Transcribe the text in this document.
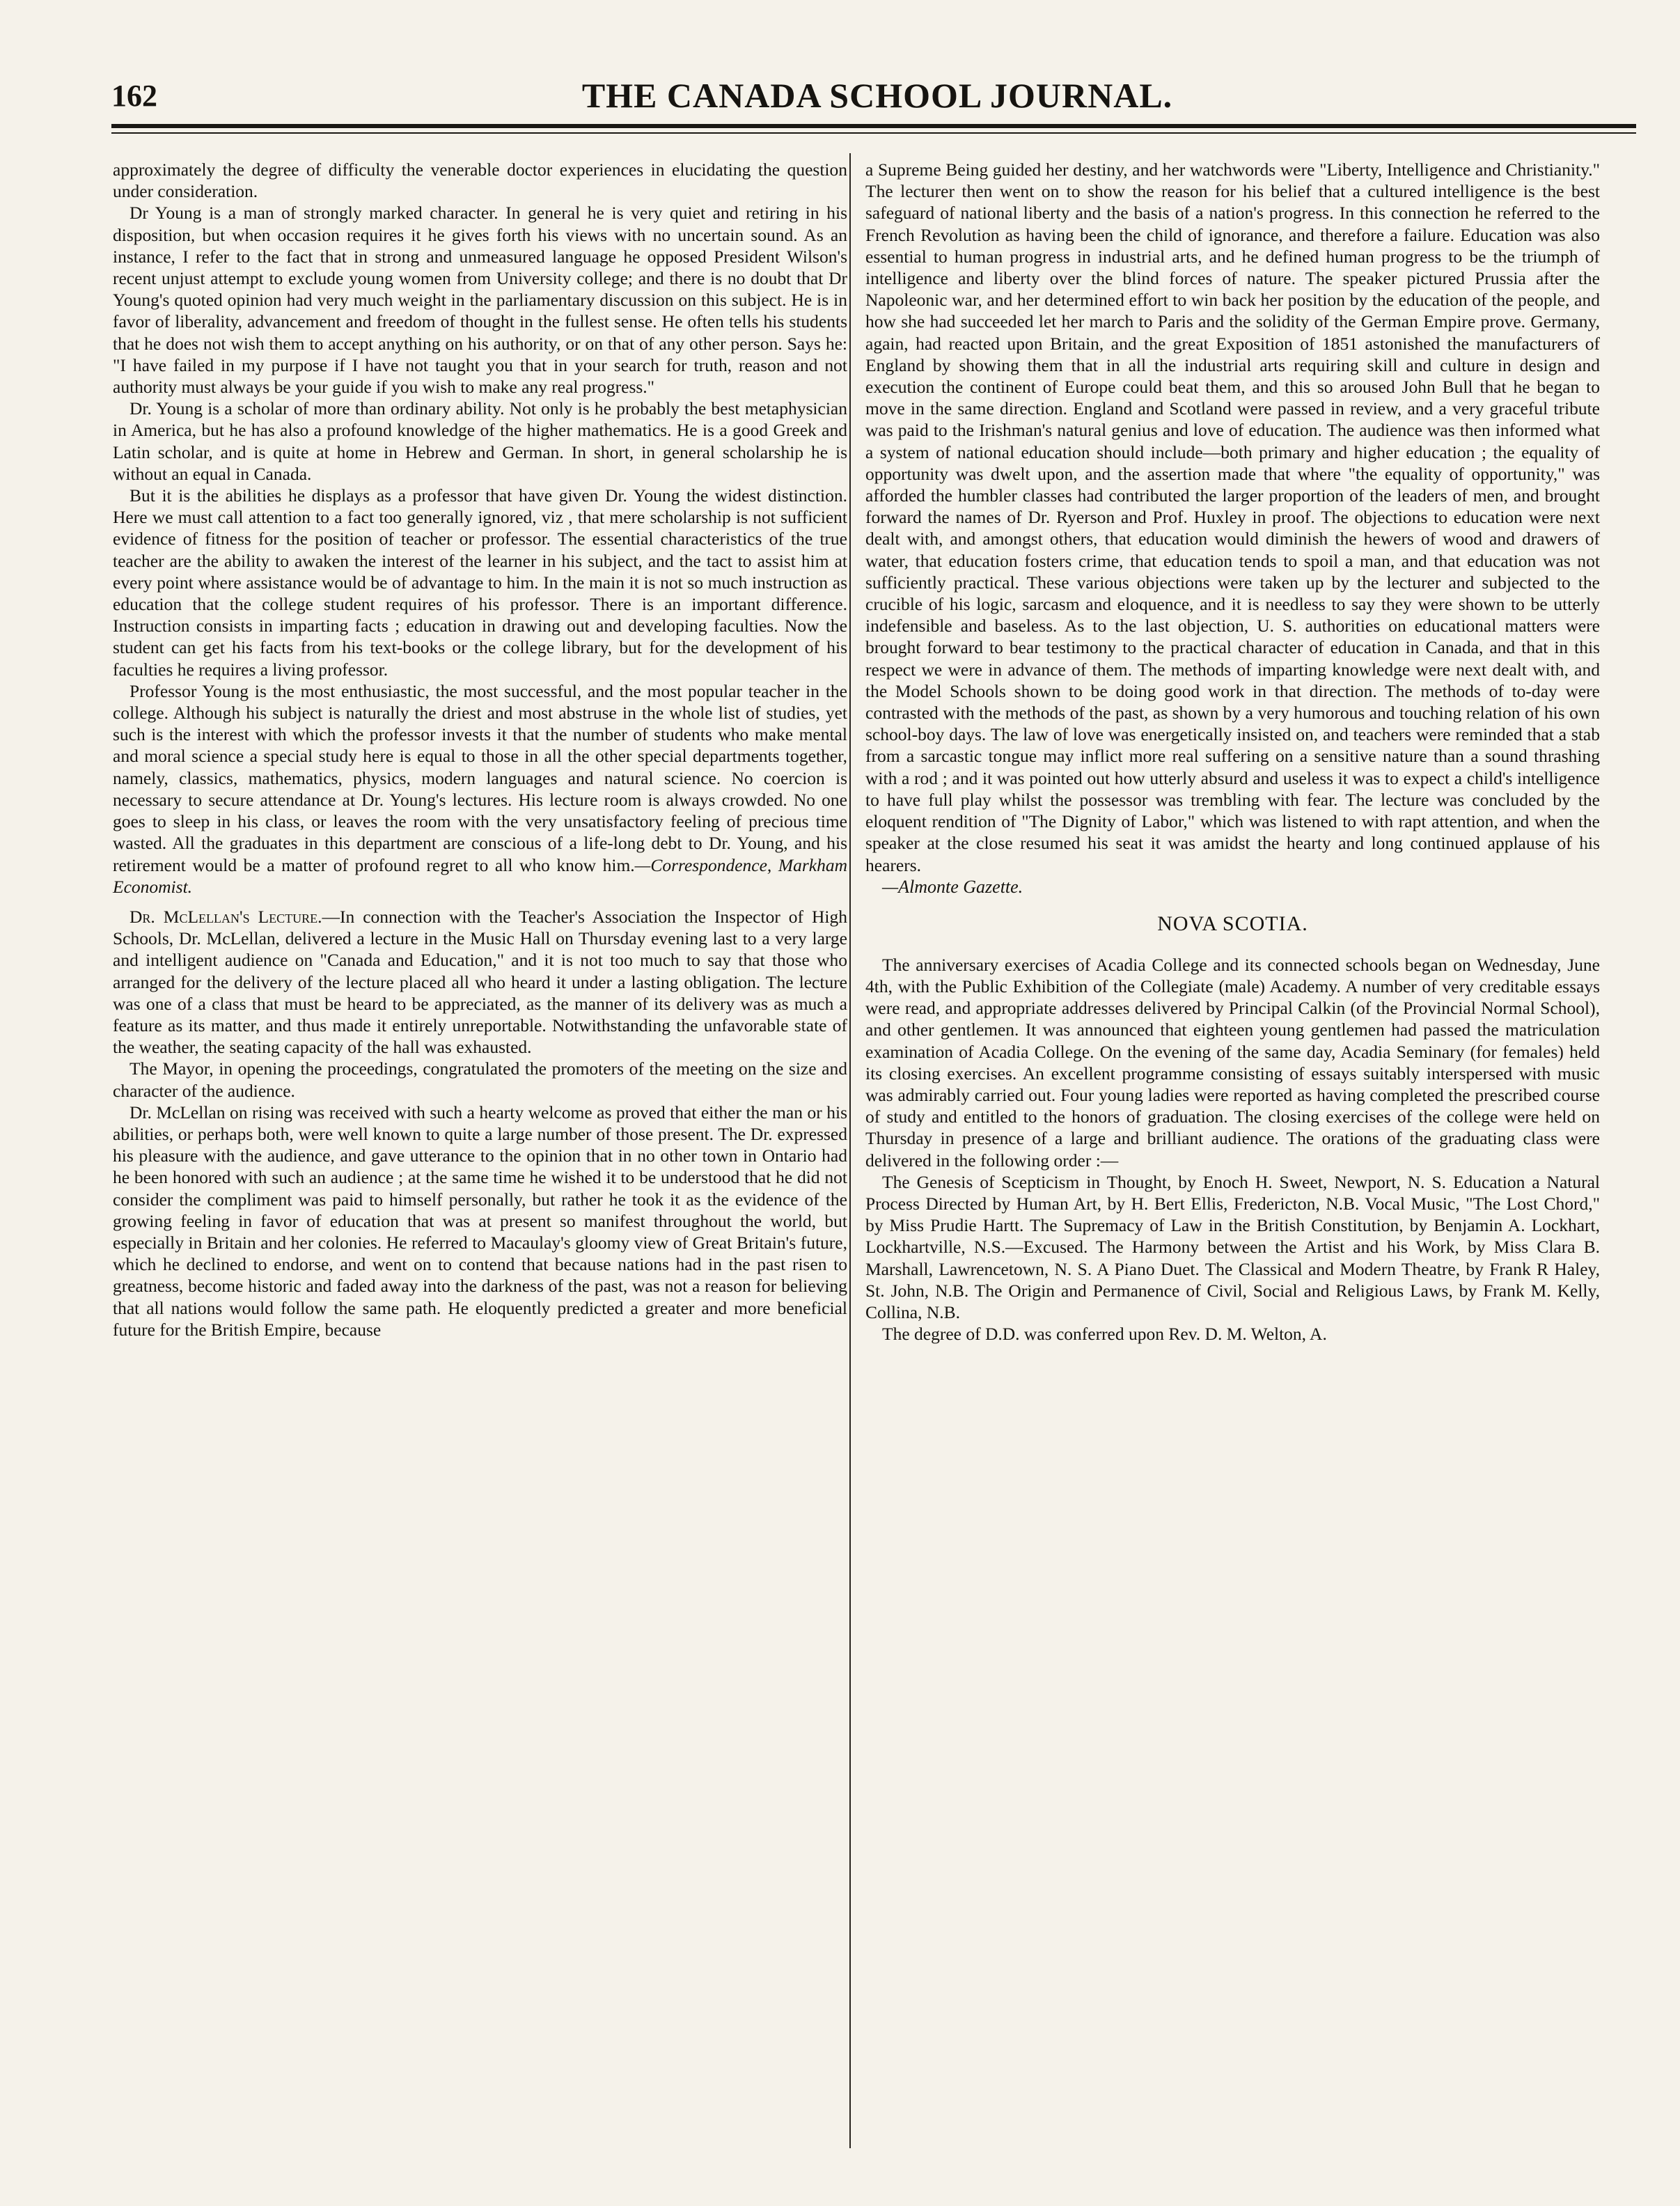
162	THE CANADA SCHOOL JOURNAL.

approximately the degree of difficulty the venerable doctor experiences in elucidating the question under consideration.

Dr Young is a man of strongly marked character. In general he is very quiet and retiring in his disposition, but when occasion requires it he gives forth his views with no uncertain sound. As an instance, I refer to the fact that in strong and unmeasured language he opposed President Wilson's recent unjust attempt to exclude young women from University college; and there is no doubt that Dr Young's quoted opinion had very much weight in the parliamentary discussion on this subject. He is in favor of liberality, advancement and freedom of thought in the fullest sense. He often tells his students that he does not wish them to accept anything on his authority, or on that of any other person. Says he: "I have failed in my purpose if I have not taught you that in your search for truth, reason and not authority must always be your guide if you wish to make any real progress."

Dr. Young is a scholar of more than ordinary ability. Not only is he probably the best metaphysician in America, but he has also a profound knowledge of the higher mathematics. He is a good Greek and Latin scholar, and is quite at home in Hebrew and German. In short, in general scholarship he is without an equal in Canada.

But it is the abilities he displays as a professor that have given Dr. Young the widest distinction. Here we must call attention to a fact too generally ignored, viz , that mere scholarship is not sufficient evidence of fitness for the position of teacher or professor. The essential characteristics of the true teacher are the ability to awaken the interest of the learner in his subject, and the tact to assist him at every point where assistance would be of advantage to him. In the main it is not so much instruction as education that the college student requires of his professor. There is an important difference. Instruction consists in imparting facts ; education in drawing out and developing faculties. Now the student can get his facts from his text-books or the college library, but for the development of his faculties he requires a living professor.

Professor Young is the most enthusiastic, the most successful, and the most popular teacher in the college. Although his subject is naturally the driest and most abstruse in the whole list of studies, yet such is the interest with which the professor invests it that the number of students who make mental and moral science a special study here is equal to those in all the other special departments together, namely, classics, mathematics, physics, modern languages and natural science. No coercion is necessary to secure attendance at Dr. Young's lectures. His lecture room is always crowded. No one goes to sleep in his class, or leaves the room with the very unsatisfactory feeling of precious time wasted. All the graduates in this department are conscious of a life-long debt to Dr. Young, and his retirement would be a matter of profound regret to all who know him.—Correspondence, Markham Economist.

Dr. McLellan's Lecture.—In connection with the Teacher's Association the Inspector of High Schools, Dr. McLellan, delivered a lecture in the Music Hall on Thursday evening last to a very large and intelligent audience on "Canada and Education," and it is not too much to say that those who arranged for the delivery of the lecture placed all who heard it under a lasting obligation. The lecture was one of a class that must be heard to be appreciated, as the manner of its delivery was as much a feature as its matter, and thus made it entirely unreportable. Notwithstanding the unfavorable state of the weather, the seating capacity of the hall was exhausted.

The Mayor, in opening the proceedings, congratulated the promoters of the meeting on the size and character of the audience.

Dr. McLellan on rising was received with such a hearty welcome as proved that either the man or his abilities, or perhaps both, were well known to quite a large number of those present. The Dr. expressed his pleasure with the audience, and gave utterance to the opinion that in no other town in Ontario had he been honored with such an audience ; at the same time he wished it to be understood that he did not consider the compliment was paid to himself personally, but rather he took it as the evidence of the growing feeling in favor of education that was at present so manifest throughout the world, but especially in Britain and her colonies. He referred to Macaulay's gloomy view of Great Britain's future, which he declined to endorse, and went on to contend that because nations had in the past risen to greatness, become historic and faded away into the darkness of the past, was not a reason for believing that all nations would follow the same path. He eloquently predicted a greater and more beneficial future for the British Empire, because

a Supreme Being guided her destiny, and her watchwords were "Liberty, Intelligence and Christianity." The lecturer then went on to show the reason for his belief that a cultured intelligence is the best safeguard of national liberty and the basis of a nation's progress. In this connection he referred to the French Revolution as having been the child of ignorance, and therefore a failure. Education was also essential to human progress in industrial arts, and he defined human progress to be the triumph of intelligence and liberty over the blind forces of nature. The speaker pictured Prussia after the Napoleonic war, and her determined effort to win back her position by the education of the people, and how she had succeeded let her march to Paris and the solidity of the German Empire prove. Germany, again, had reacted upon Britain, and the great Exposition of 1851 astonished the manufacturers of England by showing them that in all the industrial arts requiring skill and culture in design and execution the continent of Europe could beat them, and this so aroused John Bull that he began to move in the same direction. England and Scotland were passed in review, and a very graceful tribute was paid to the Irishman's natural genius and love of education. The audience was then informed what a system of national education should include—both primary and higher education ; the equality of opportunity was dwelt upon, and the assertion made that where "the equality of opportunity," was afforded the humbler classes had contributed the larger proportion of the leaders of men, and brought forward the names of Dr. Ryerson and Prof. Huxley in proof. The objections to education were next dealt with, and amongst others, that education would diminish the hewers of wood and drawers of water, that education fosters crime, that education tends to spoil a man, and that education was not sufficiently practical. These various objections were taken up by the lecturer and subjected to the crucible of his logic, sarcasm and eloquence, and it is needless to say they were shown to be utterly indefensible and baseless. As to the last objection, U. S. authorities on educational matters were brought forward to bear testimony to the practical character of education in Canada, and that in this respect we were in advance of them. The methods of imparting knowledge were next dealt with, and the Model Schools shown to be doing good work in that direction. The methods of to-day were contrasted with the methods of the past, as shown by a very humorous and touching relation of his own school-boy days. The law of love was energetically insisted on, and teachers were reminded that a stab from a sarcastic tongue may inflict more real suffering on a sensitive nature than a sound thrashing with a rod ; and it was pointed out how utterly absurd and useless it was to expect a child's intelligence to have full play whilst the possessor was trembling with fear. The lecture was concluded by the eloquent rendition of "The Dignity of Labor," which was listened to with rapt attention, and when the speaker at the close resumed his seat it was amidst the hearty and long continued applause of his hearers.

—Almonte Gazette.

NOVA SCOTIA.

The anniversary exercises of Acadia College and its connected schools began on Wednesday, June 4th, with the Public Exhibition of the Collegiate (male) Academy. A number of very creditable essays were read, and appropriate addresses delivered by Principal Calkin (of the Provincial Normal School), and other gentlemen. It was announced that eighteen young gentlemen had passed the matriculation examination of Acadia College. On the evening of the same day, Acadia Seminary (for females) held its closing exercises. An excellent programme consisting of essays suitably interspersed with music was admirably carried out. Four young ladies were reported as having completed the prescribed course of study and entitled to the honors of graduation. The closing exercises of the college were held on Thursday in presence of a large and brilliant audience. The orations of the graduating class were delivered in the following order :—

The Genesis of Scepticism in Thought, by Enoch H. Sweet, Newport, N. S. Education a Natural Process Directed by Human Art, by H. Bert Ellis, Fredericton, N.B. Vocal Music, "The Lost Chord," by Miss Prudie Hartt. The Supremacy of Law in the British Constitution, by Benjamin A. Lockhart, Lockhartville, N.S.—Excused. The Harmony between the Artist and his Work, by Miss Clara B. Marshall, Lawrencetown, N. S. A Piano Duet. The Classical and Modern Theatre, by Frank R Haley, St. John, N.B. The Origin and Permanence of Civil, Social and Religious Laws, by Frank M. Kelly, Collina, N.B.

The degree of D.D. was conferred upon Rev. D. M. Welton, A.
